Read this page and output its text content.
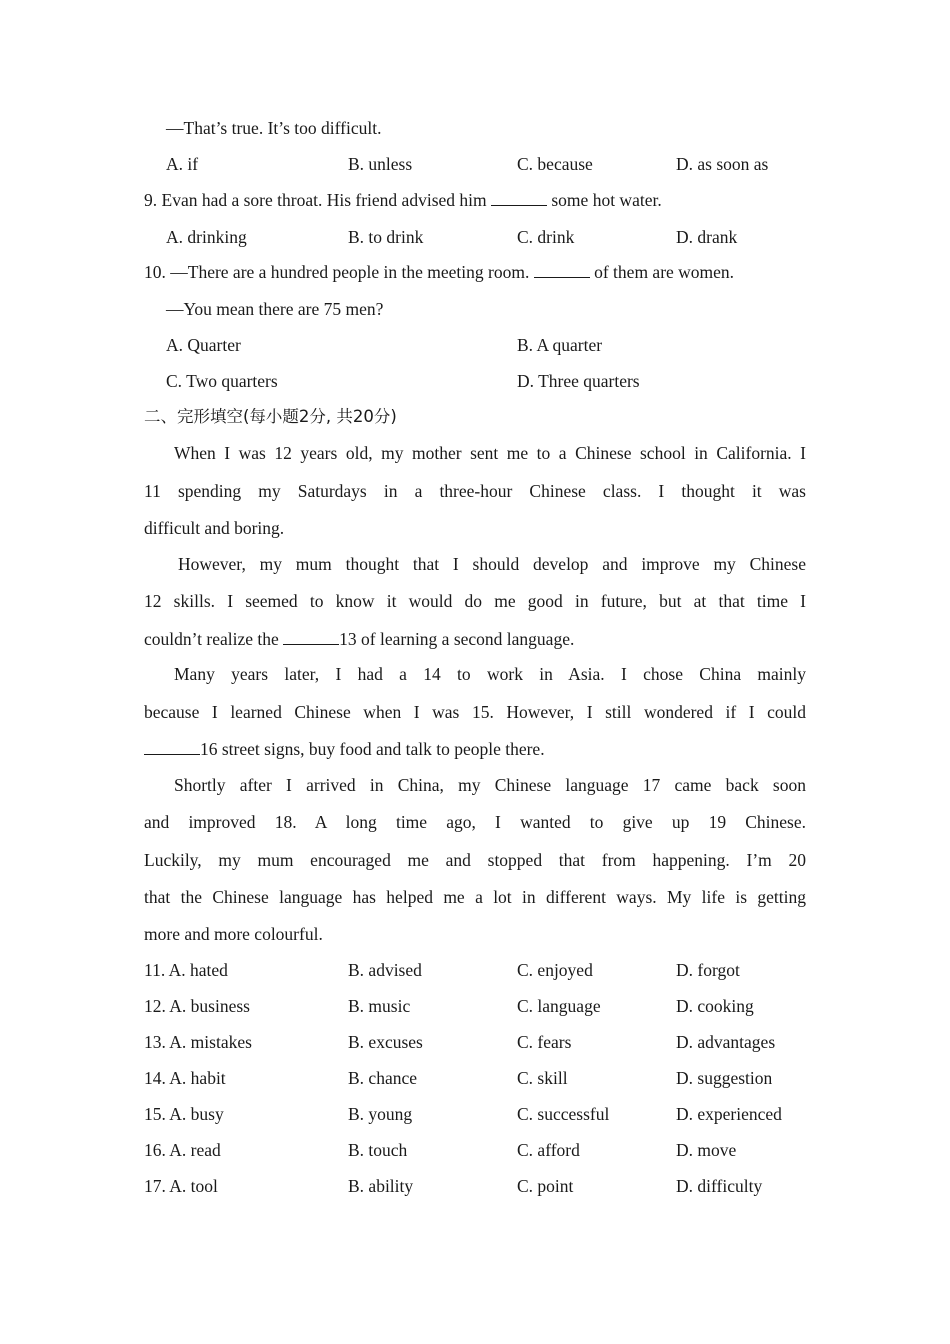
—That’s true. It’s too difficult.
A. if	B. unless	C. because	D. as soon as
9. Evan had a sore throat. His friend advised him	some hot water.
A. drinking	B. to drink	C. drink	D. drank
10. —There are a hundred people in the meeting room.	of them are women.
—You mean there are 75 men?
A. Quarter	B. A quarter
C. Two quarters	D. Three quarters
二、完形填空(每小题2分, 共20分)
When I was 12 years old, my mother sent me to a Chinese school in California. I
11 spending my Saturdays in a three-hour Chinese class. I thought it was
difficult and boring.
However, my mum thought that I should develop and improve my Chinese
12 skills. I seemed to know it would do me good in future, but at that time I
couldn’t realize the	13 of learning a second language.
Many years later, I had a 14 to work in Asia. I chose China mainly
because I learned Chinese when I was 15. However, I still wondered if I could
16 street signs, buy food and talk to people there.
Shortly after I arrived in China, my Chinese language 17 came back soon
and improved 18. A long time ago, I wanted to give up 19 Chinese.
Luckily, my mum encouraged me and stopped that from happening. I’m 20
that the Chinese language has helped me a lot in different ways. My life is getting
more and more colourful.
11. A. hated	B. advised	C. enjoyed	D. forgot
12. A. business	B. music	C. language	D. cooking
13. A. mistakes	B. excuses	C. fears	D. advantages
14. A. habit	B. chance	C. skill	D. suggestion
15. A. busy	B. young	C. successful	D. experienced
16. A. read	B. touch	C. afford	D. move
17. A. tool	B. ability	C. point	D. difficulty
